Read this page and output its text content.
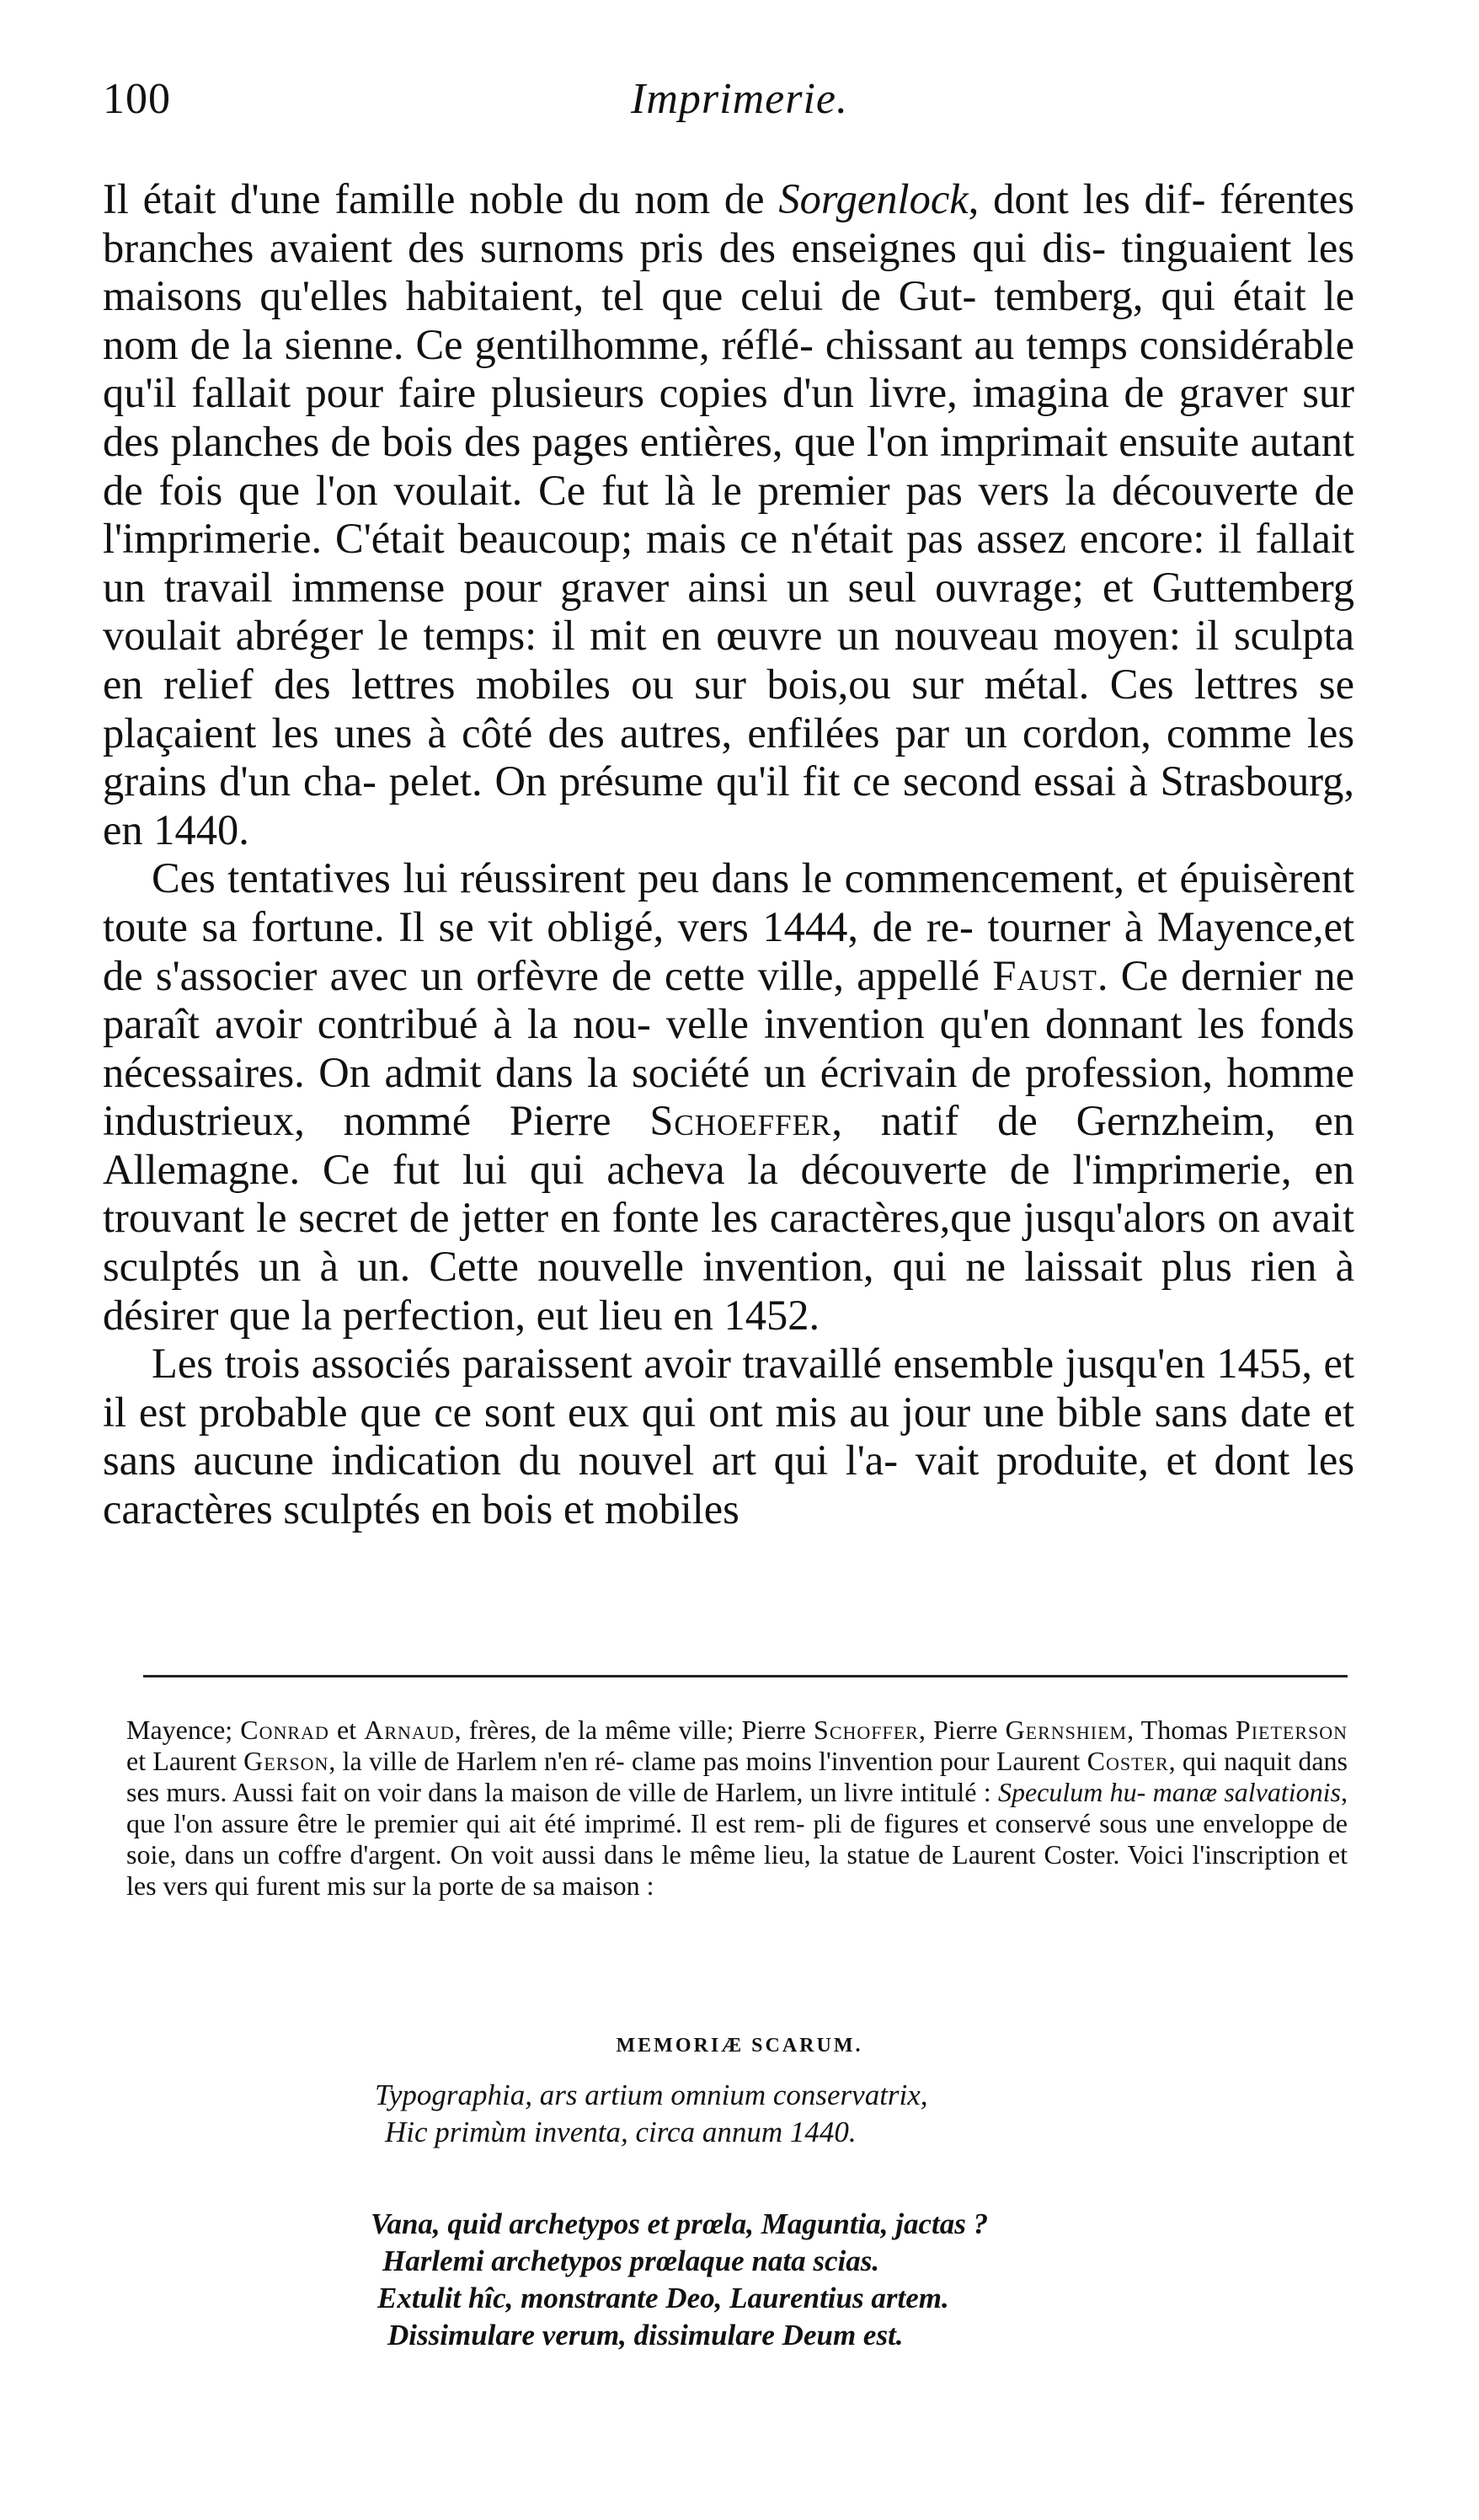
100	Imprimerie.

Il était d'une famille noble du nom de Sorgenlock, dont les dif- férentes branches avaient des surnoms pris des enseignes qui dis- tinguaient les maisons qu'elles habitaient, tel que celui de Gut- temberg, qui était le nom de la sienne. Ce gentilhomme, réflé- chissant au temps considérable qu'il fallait pour faire plusieurs copies d'un livre, imagina de graver sur des planches de bois des pages entières, que l'on imprimait ensuite autant de fois que l'on voulait. Ce fut là le premier pas vers la découverte de l'imprimerie. C'était beaucoup; mais ce n'était pas assez encore: il fallait un travail immense pour graver ainsi un seul ouvrage; et Guttemberg voulait abréger le temps: il mit en œuvre un nouveau moyen: il sculpta en relief des lettres mobiles ou sur bois,ou sur métal. Ces lettres se plaçaient les unes à côté des autres, enfilées par un cordon, comme les grains d'un cha- pelet. On présume qu'il fit ce second essai à Strasbourg, en 1440.

Ces tentatives lui réussirent peu dans le commencement, et épuisèrent toute sa fortune. Il se vit obligé, vers 1444, de re- tourner à Mayence,et de s'associer avec un orfèvre de cette ville, appellé Faust. Ce dernier ne paraît avoir contribué à la nou- velle invention qu'en donnant les fonds nécessaires. On admit dans la société un écrivain de profession, homme industrieux, nommé Pierre Schoeffer, natif de Gernzheim, en Allemagne. Ce fut lui qui acheva la découverte de l'imprimerie, en trouvant le secret de jetter en fonte les caractères,que jusqu'alors on avait sculptés un à un. Cette nouvelle invention, qui ne laissait plus rien à désirer que la perfection, eut lieu en 1452.

Les trois associés paraissent avoir travaillé ensemble jusqu'en 1455, et il est probable que ce sont eux qui ont mis au jour une bible sans date et sans aucune indication du nouvel art qui l'a- vait produite, et dont les caractères sculptés en bois et mobiles

Mayence; Conrad et Arnaud, frères, de la même ville; Pierre Schoffer, Pierre Gernshiem, Thomas Pieterson et Laurent Gerson, la ville de Harlem n'en ré- clame pas moins l'invention pour Laurent Coster, qui naquit dans ses murs. Aussi fait on voir dans la maison de ville de Harlem, un livre intitulé : Speculum hu- manæ salvationis, que l'on assure être le premier qui ait été imprimé. Il est rem- pli de figures et conservé sous une enveloppe de soie, dans un coffre d'argent. On voit aussi dans le même lieu, la statue de Laurent Coster. Voici l'inscription et les vers qui furent mis sur la porte de sa maison :
MEMORIÆ SCARUM.
Typographia, ars artium omnium conservatrix,
Hic primùm inventa, circa annum 1440.
Vana, quid archetypos et prœla, Maguntia, jactas ?
Harlemi archetypos prœlaque nata scias.
Extulit hîc, monstrante Deo, Laurentius artem.
Dissimulare verum, dissimulare Deum est.
